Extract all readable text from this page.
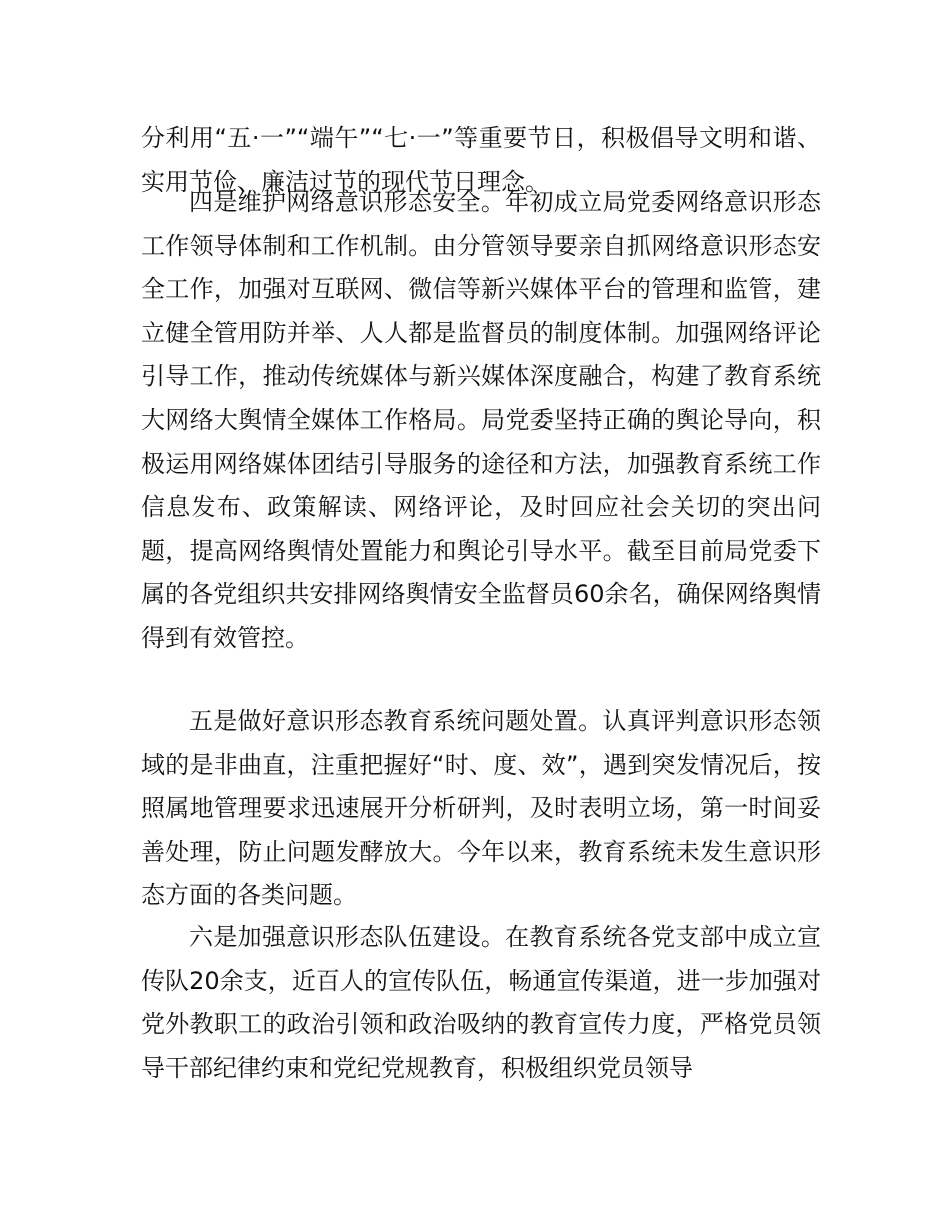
分利用“五·一”“端午”“七·一”等重要节日，积极倡导文明和谐、实用节俭、廉洁过节的现代节日理念。

四是维护网络意识形态安全。年初成立局党委网络意识形态工作领导体制和工作机制。由分管领导要亲自抓网络意识形态安全工作，加强对互联网、微信等新兴媒体平台的管理和监管，建立健全管用防并举、人人都是监督员的制度体制。加强网络评论引导工作，推动传统媒体与新兴媒体深度融合，构建了教育系统大网络大舆情全媒体工作格局。局党委坚持正确的舆论导向，积极运用网络媒体团结引导服务的途径和方法，加强教育系统工作信息发布、政策解读、网络评论，及时回应社会关切的突出问题，提高网络舆情处置能力和舆论引导水平。截至目前局党委下属的各党组织共安排网络舆情安全监督员60余名，确保网络舆情得到有效管控。

五是做好意识形态教育系统问题处置。认真评判意识形态领域的是非曲直，注重把握好“时、度、效”，遇到突发情况后，按照属地管理要求迅速展开分析研判，及时表明立场，第一时间妥善处理，防止问题发酵放大。今年以来，教育系统未发生意识形态方面的各类问题。

六是加强意识形态队伍建设。在教育系统各党支部中成立宣传队20余支，近百人的宣传队伍，畅通宣传渠道，进一步加强对党外教职工的政治引领和政治吸纳的教育宣传力度，严格党员领导干部纪律约束和党纪党规教育，积极组织党员领导
